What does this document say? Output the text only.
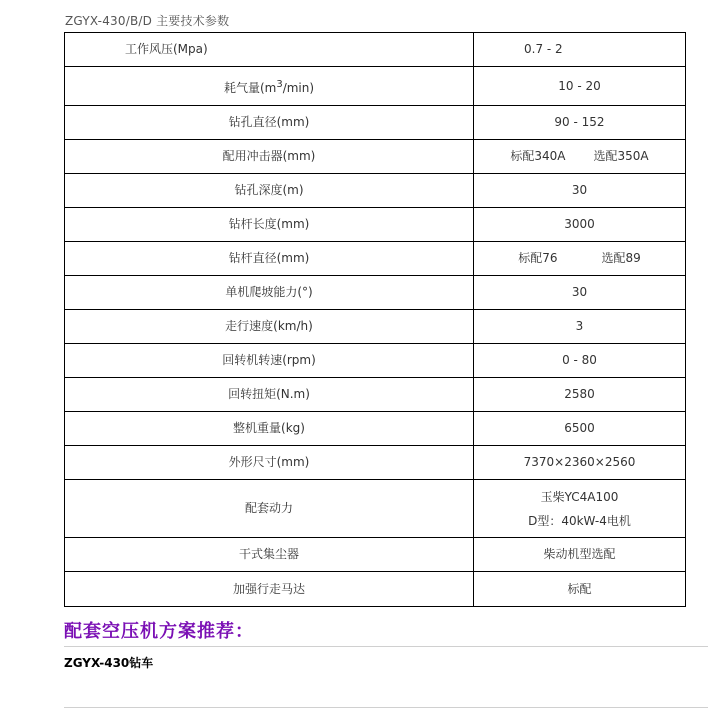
ZGYX-430/B/D 主要技术参数
工作风压(Mpa)	0.7 - 2
耗气量$(m^3/\min)$	10 - 20
钻孔直径(mm)	90 - 152
配用冲击器(mm)	标配340A 选配350A
钻孔深度(m)	30
钻杆长度(mm)	3000
钻杆直径(mm)	标配76 选配89
单机爬坡能力(°)	30
走行速度(km/h)	3
回转机转速(rpm)	0 - 80
回转扭矩(N.m)	2580
整机重量(kg)	6500
外形尺寸(mm)	7370×2360×2560
配套动力	玉柴YC4A100
D型：40kW-4电机

干式集尘器	柴动机型选配
加强行走马达	标配
配套空压机方案推荐：
ZGYX-430钻车
